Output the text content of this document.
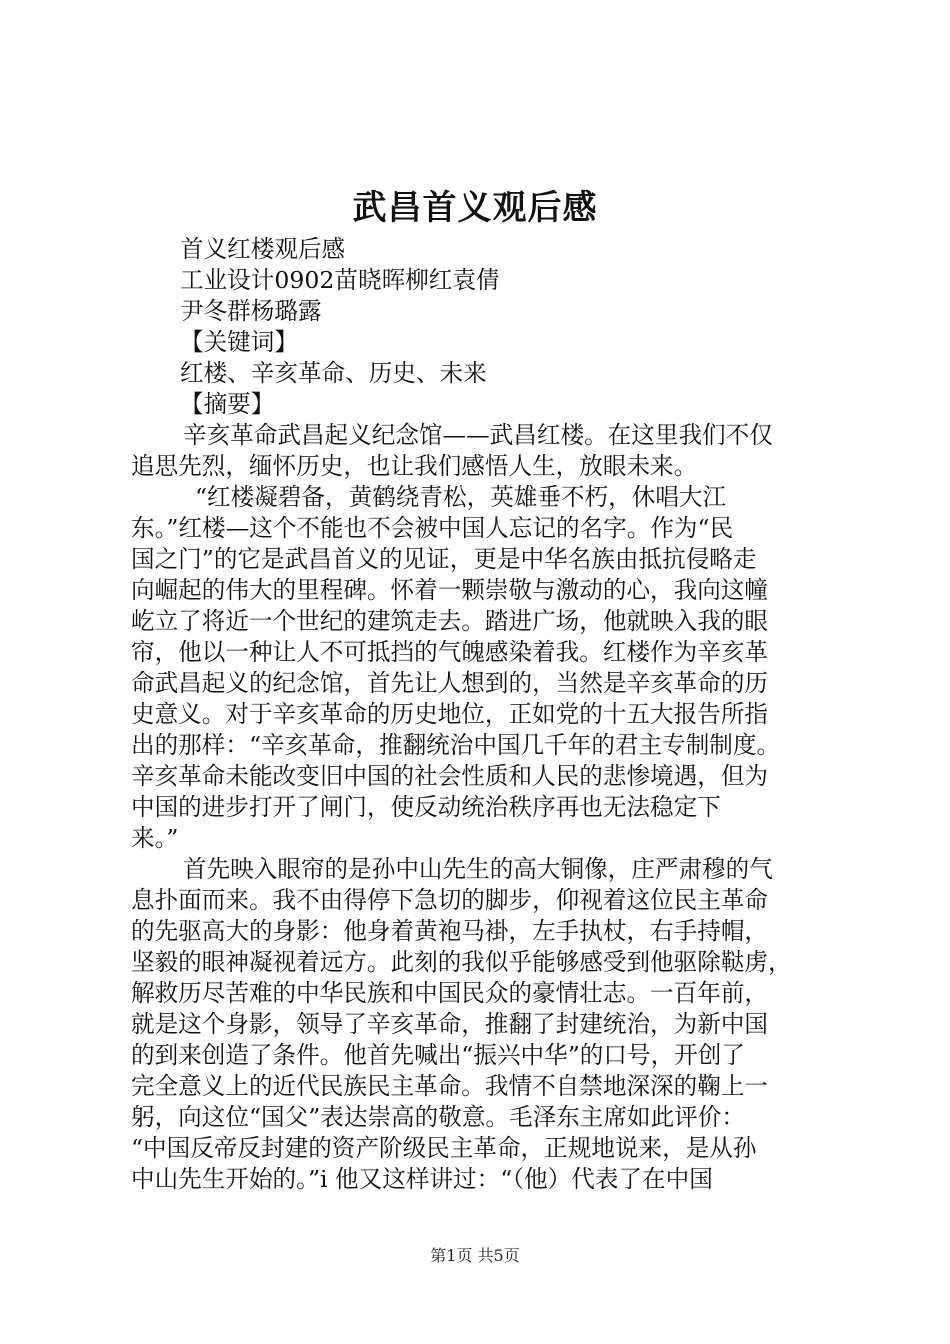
武昌首义观后感
首义红楼观后感
工业设计0902苗晓晖柳红袁倩
尹冬群杨璐露
【关键词】
红楼、辛亥革命、历史、未来
【摘要】
辛亥革命武昌起义纪念馆——武昌红楼。在这里我们不仅
追思先烈，缅怀历史，也让我们感悟人生，放眼未来。
“红楼凝碧备，黄鹤绕青松，英雄垂不朽，休唱大江
东。”红楼—这个不能也不会被中国人忘记的名字。作为“民
国之门”的它是武昌首义的见证，更是中华名族由抵抗侵略走
向崛起的伟大的里程碑。怀着一颗崇敬与激动的心，我向这幢
屹立了将近一个世纪的建筑走去。踏进广场，他就映入我的眼
帘，他以一种让人不可抵挡的气魄感染着我。红楼作为辛亥革
命武昌起义的纪念馆，首先让人想到的，当然是辛亥革命的历
史意义。对于辛亥革命的历史地位，正如党的十五大报告所指
出的那样：“辛亥革命，推翻统治中国几千年的君主专制制度。
辛亥革命未能改变旧中国的社会性质和人民的悲惨境遇，但为
中国的进步打开了闸门，使反动统治秩序再也无法稳定下
来。”
首先映入眼帘的是孙中山先生的高大铜像，庄严肃穆的气
息扑面而来。我不由得停下急切的脚步，仰视着这位民主革命
的先驱高大的身影：他身着黄袍马褂，左手执杖，右手持帽，
坚毅的眼神凝视着远方。此刻的我似乎能够感受到他驱除鞑虏，
解救历尽苦难的中华民族和中国民众的豪情壮志。一百年前，
就是这个身影，领导了辛亥革命，推翻了封建统治，为新中国
的到来创造了条件。他首先喊出“振兴中华”的口号，开创了
完全意义上的近代民族民主革命。我情不自禁地深深的鞠上一
躬，向这位“国父”表达崇高的敬意。毛泽东主席如此评价：
“中国反帝反封建的资产阶级民主革命，正规地说来，是从孙
中山先生开始的。”i 他又这样讲过：“（他）代表了在中国
第1页 共5页
